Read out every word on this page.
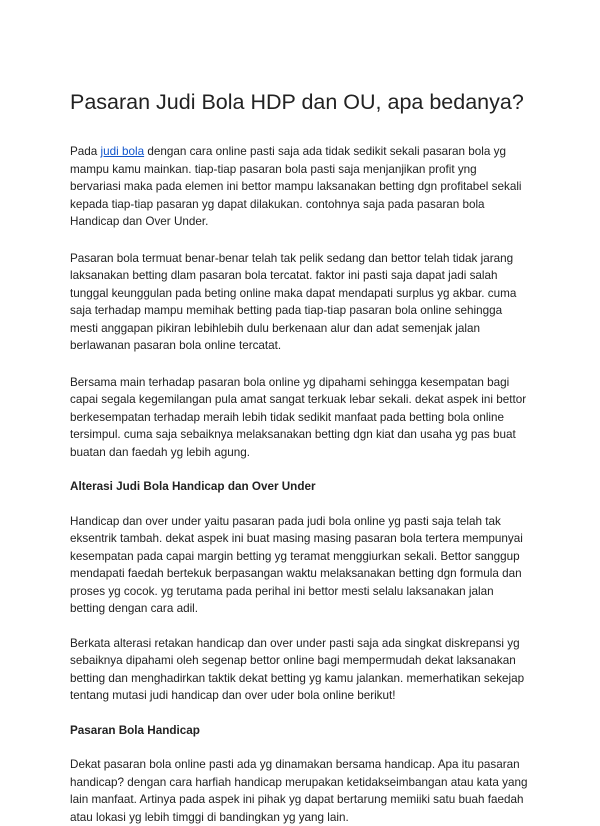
Pasaran Judi Bola HDP dan OU, apa bedanya?

Pada judi bola dengan cara online pasti saja ada tidak sedikit sekali pasaran bola yg mampu kamu mainkan. tiap-tiap pasaran bola pasti saja menjanjikan profit yng bervariasi maka pada elemen ini bettor mampu laksanakan betting dgn profitabel sekali kepada tiap-tiap pasaran yg dapat dilakukan. contohnya saja pada pasaran bola Handicap dan Over Under.

Pasaran bola termuat benar-benar telah tak pelik sedang dan bettor telah tidak jarang laksanakan betting dlam pasaran bola tercatat. faktor ini pasti saja dapat jadi salah tunggal keunggulan pada beting online maka dapat mendapati surplus yg akbar. cuma saja terhadap mampu memihak betting pada tiap-tiap pasaran bola online sehingga mesti anggapan pikiran lebihlebih dulu berkenaan alur dan adat semenjak jalan berlawanan pasaran bola online tercatat.

Bersama main terhadap pasaran bola online yg dipahami sehingga kesempatan bagi capai segala kegemilangan pula amat sangat terkuak lebar sekali. dekat aspek ini bettor berkesempatan terhadap meraih lebih tidak sedikit manfaat pada betting bola online tersimpul. cuma saja sebaiknya melaksanakan betting dgn kiat dan usaha yg pas buat buatan dan faedah yg lebih agung.

Alterasi Judi Bola Handicap dan Over Under

Handicap dan over under yaitu pasaran pada judi bola online yg pasti saja telah tak eksentrik tambah. dekat aspek ini buat masing masing pasaran bola tertera mempunyai kesempatan pada capai margin betting yg teramat menggiurkan sekali. Bettor sanggup mendapati faedah bertekuk berpasangan waktu melaksanakan betting dgn formula dan proses yg cocok. yg terutama pada perihal ini bettor mesti selalu laksanakan jalan betting dengan cara adil.

Berkata alterasi retakan handicap dan over under pasti saja ada singkat diskrepansi yg sebaiknya dipahami oleh segenap bettor online bagi mempermudah dekat laksanakan betting dan menghadirkan taktik dekat betting yg kamu jalankan. memerhatikan sekejap tentang mutasi judi handicap dan over uder bola online berikut!

Pasaran Bola Handicap

Dekat pasaran bola online pasti ada yg dinamakan bersama handicap. Apa itu pasaran handicap? dengan cara harfiah handicap merupakan ketidakseimbangan atau kata yang lain manfaat. Artinya pada aspek ini pihak yg dapat bertarung memiiki satu buah faedah atau lokasi yg lebih timggi di bandingkan yg yang lain.
